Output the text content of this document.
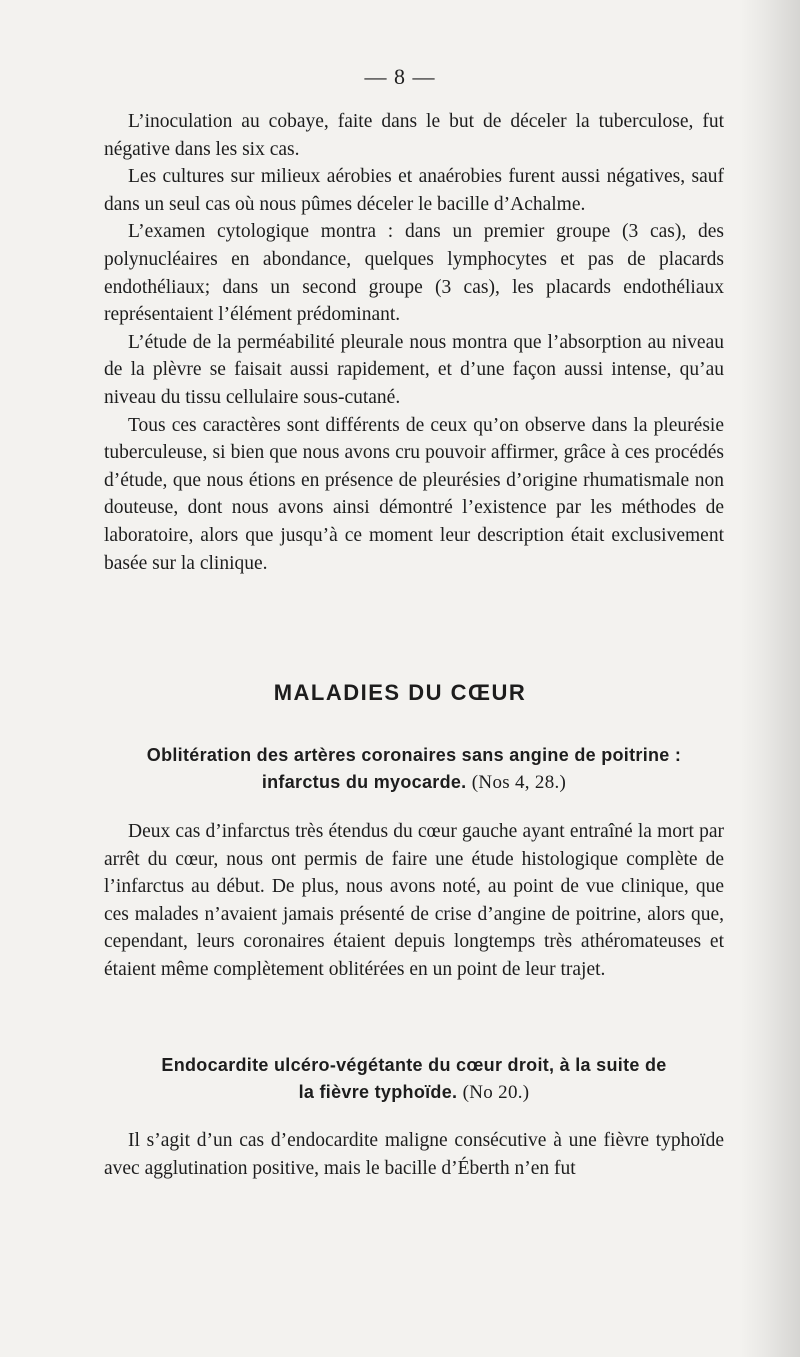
— 8 —

L’inoculation au cobaye, faite dans le but de déceler la tuberculose, fut négative dans les six cas.

Les cultures sur milieux aérobies et anaérobies furent aussi négatives, sauf dans un seul cas où nous pûmes déceler le bacille d’Achalme.

L’examen cytologique montra : dans un premier groupe (3 cas), des polynucléaires en abondance, quelques lymphocytes et pas de placards endothéliaux; dans un second groupe (3 cas), les placards endothéliaux représentaient l’élément prédominant.

L’étude de la perméabilité pleurale nous montra que l’absorption au niveau de la plèvre se faisait aussi rapidement, et d’une façon aussi intense, qu’au niveau du tissu cellulaire sous-cutané.

Tous ces caractères sont différents de ceux qu’on observe dans la pleurésie tuberculeuse, si bien que nous avons cru pouvoir affirmer, grâce à ces procédés d’étude, que nous étions en présence de pleurésies d’origine rhumatismale non douteuse, dont nous avons ainsi démontré l’existence par les méthodes de laboratoire, alors que jusqu’à ce moment leur description était exclusivement basée sur la clinique.

MALADIES DU CŒUR
Oblitération des artères coronaires sans angine de poitrine :
infarctus du myocarde. (Nos 4, 28.)

Deux cas d’infarctus très étendus du cœur gauche ayant entraîné la mort par arrêt du cœur, nous ont permis de faire une étude histologique complète de l’infarctus au début. De plus, nous avons noté, au point de vue clinique, que ces malades n’avaient jamais présenté de crise d’angine de poitrine, alors que, cependant, leurs coronaires étaient depuis longtemps très athéromateuses et étaient même complètement oblitérées en un point de leur trajet.

Endocardite ulcéro-végétante du cœur droit, à la suite de
la fièvre typhoïde. (No 20.)

Il s’agit d’un cas d’endocardite maligne consécutive à une fièvre typhoïde avec agglutination positive, mais le bacille d’Éberth n’en fut
